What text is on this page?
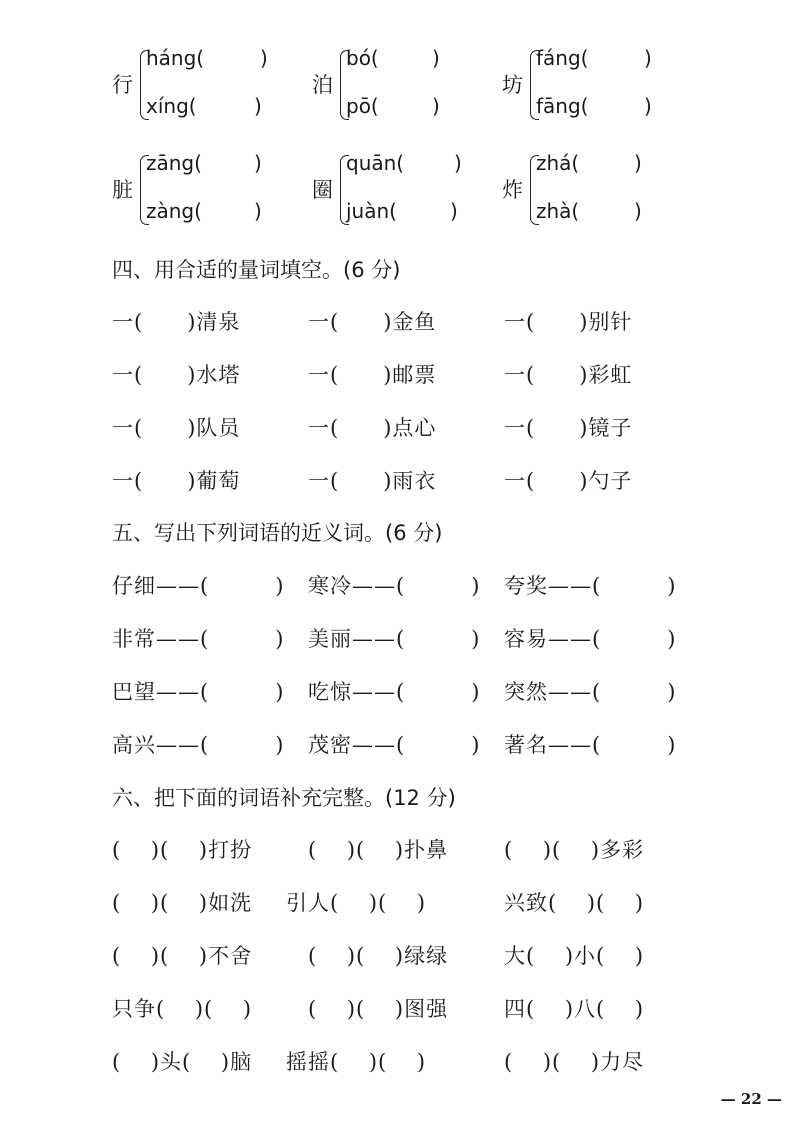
行
háng(	)
xíng(	)
泊
bó(	)
pō(	)
坊
fáng(	)
fāng(	)
脏
zāng(	)
zàng(	)
圈
quān( )
juàn(	)
炸
zhá(	)
zhà(	)
四、用合适的量词填空。(6 分)
一(　　)清泉	一(　　)金鱼	一(　　)别针
一(　　)水塔	一(　　)邮票	一(　　)彩虹
一(　　)队员	一(　　)点心	一(　　)镜子
一(　　)葡萄	一(　　)雨衣	一(　　)勺子
五、写出下列词语的近义词。(6 分)
仔细——(　　　) 寒冷——(　　　) 夸奖——(　　　)
非常——(　　　) 美丽——(　　　) 容易——(　　　)
巴望——(　　　) 吃惊——(　　　) 突然——(　　　)
高兴——(　　　) 茂密——(　　　) 著名——(　　　)
六、把下面的词语补充完整。(12 分)
(　 )(　 )打扮	(　 )(　 )扑鼻	(　 )(　 )多彩
(　 )(　 )如洗 引人(　 )(　 )	兴致(　 )(　 )
(　 )(　 )不舍	(　 )(　 )绿绿	大(　 )小(　 )
只争(　 )(　 )	(　 )(　 )图强	四(　 )八(　 )
(　 )头(　 )脑 摇摇(　 )(　 )	(　 )(　 )力尽
— 22 —
